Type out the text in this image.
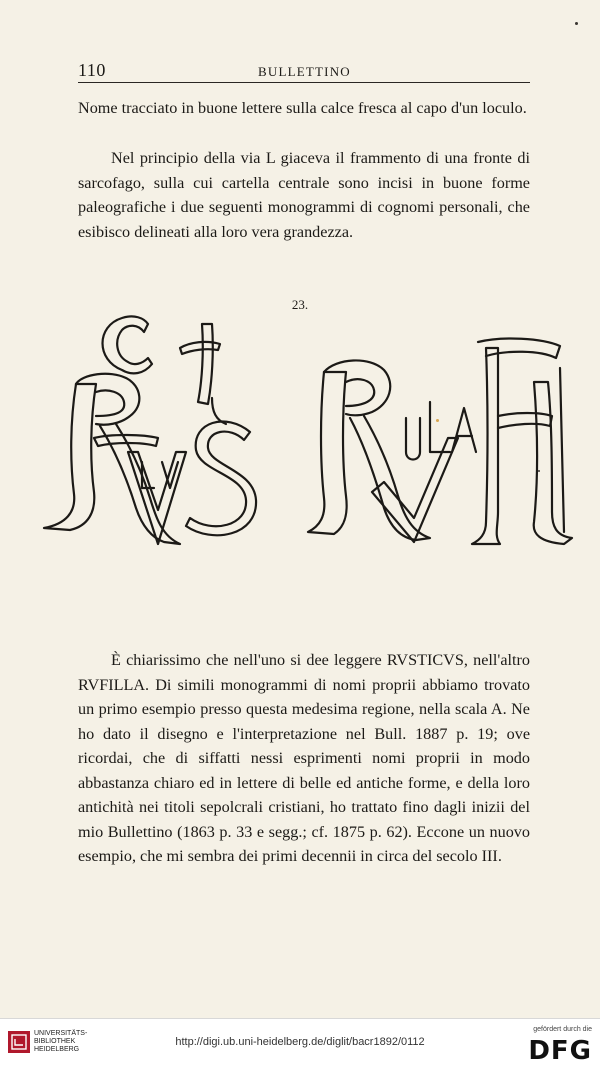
110	BULLETTINO

Nome tracciato in buone lettere sulla calce fresca al capo d'un loculo.

Nel principio della via L giaceva il frammento di una fronte di sarcofago, sulla cui cartella centrale sono incisi in buone forme paleografiche i due seguenti monogrammi di cognomi personali, che esibisco delineati alla loro vera grandezza.

23.

È chiarissimo che nell'uno si dee leggere RVSTICVS, nell'altro RVFILLA. Di simili monogrammi di nomi proprii abbiamo trovato un primo esempio presso questa medesima regione, nella scala A. Ne ho dato il disegno e l'interpretazione nel Bull. 1887 p. 19; ove ricordai, che di siffatti nessi esprimenti nomi proprii in modo abbastanza chiaro ed in lettere di belle ed antiche forme, e della loro antichità nei titoli sepolcrali cristiani, ho trattato fino dagli inizii del mio Bullettino (1863 p. 33 e segg.; cf. 1875 p. 62). Eccone un nuovo esempio, che mi sembra dei primi decennii in circa del secolo III.

UNIVERSITÄTS-
BIBLIOTHEK
HEIDELBERG
http://digi.ub.uni-heidelberg.de/diglit/bacr1892/0112
gefördert durch die
DFG
